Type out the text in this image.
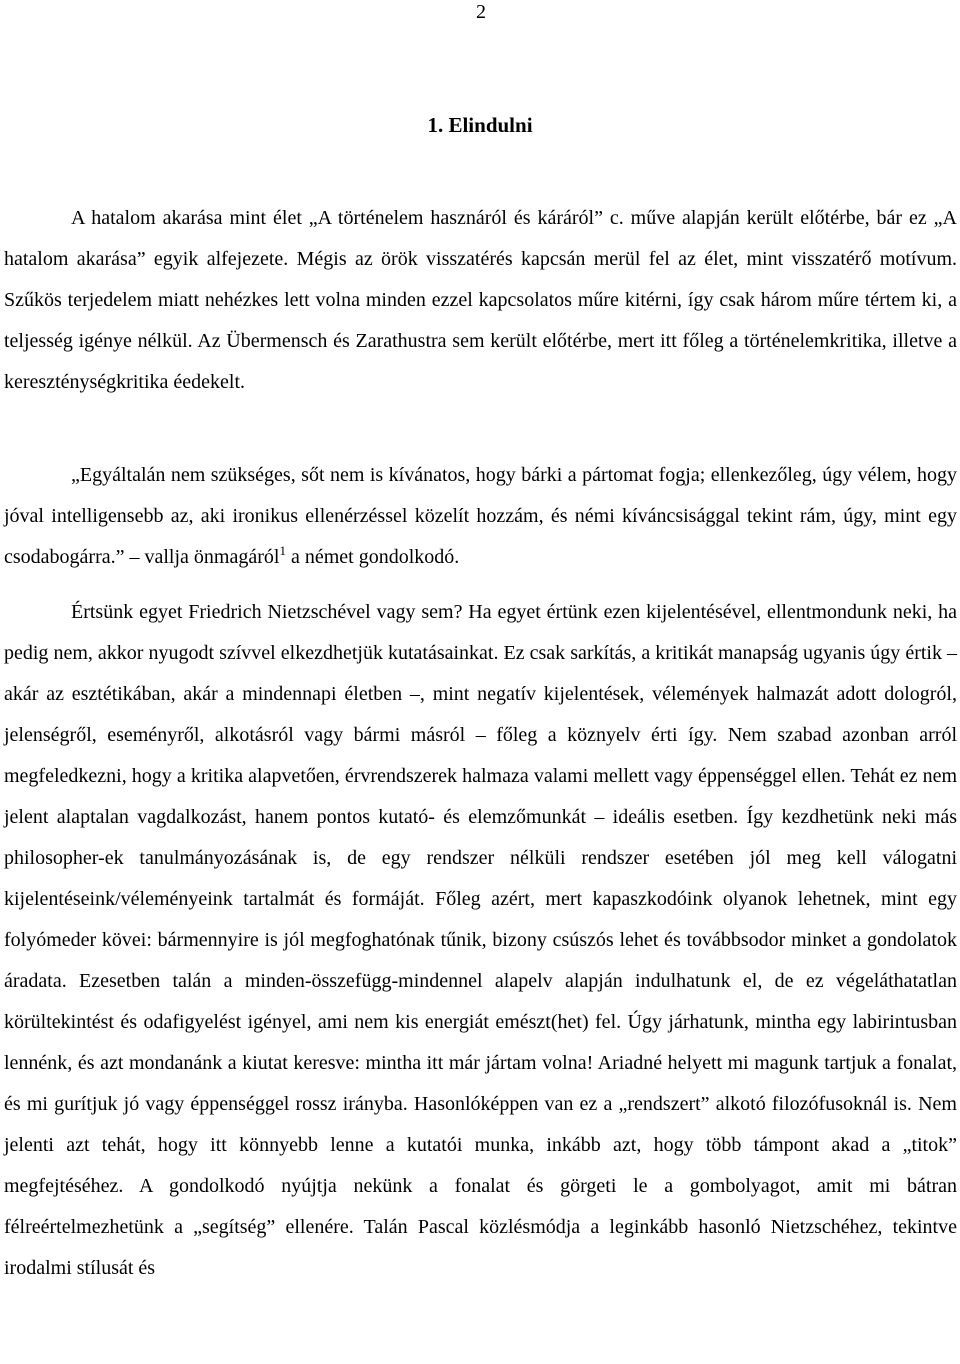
2
1. Elindulni

A hatalom akarása mint élet „A történelem hasznáról és káráról” c. műve alapján került előtérbe, bár ez „A hatalom akarása” egyik alfejezete. Mégis az örök visszatérés kapcsán merül fel az élet, mint visszatérő motívum. Szűkös terjedelem miatt nehézkes lett volna minden ezzel kapcsolatos műre kitérni, így csak három műre tértem ki, a teljesség igénye nélkül. Az Übermensch és Zarathustra sem került előtérbe, mert itt főleg a történelemkritika, illetve a kereszténységkritika éedekelt.

„Egyáltalán nem szükséges, sőt nem is kívánatos, hogy bárki a pártomat fogja; ellenkezőleg, úgy vélem, hogy jóval intelligensebb az, aki ironikus ellenérzéssel közelít hozzám, és némi kíváncsisággal tekint rám, úgy, mint egy csodabogárra.” – vallja önmagáról$^1$ a német gondolkodó.

Értsünk egyet Friedrich Nietzschével vagy sem? Ha egyet értünk ezen kijelentésével, ellentmondunk neki, ha pedig nem, akkor nyugodt szívvel elkezdhetjük kutatásainkat. Ez csak sarkítás, a kritikát manapság ugyanis úgy értik – akár az esztétikában, akár a mindennapi életben –, mint negatív kijelentések, vélemények halmazát adott dologról, jelenségről, eseményről, alkotásról vagy bármi másról – főleg a köznyelv érti így. Nem szabad azonban arról megfeledkezni, hogy a kritika alapvetően, érvrendszerek halmaza valami mellett vagy éppenséggel ellen. Tehát ez nem jelent alaptalan vagdalkozást, hanem pontos kutató- és elemzőmunkát – ideális esetben. Így kezdhetünk neki más philosopher-ek tanulmányozásának is, de egy rendszer nélküli rendszer esetében jól meg kell válogatni kijelentéseink/véleményeink tartalmát és formáját. Főleg azért, mert kapaszkodóink olyanok lehetnek, mint egy folyómeder kövei: bármennyire is jól megfoghatónak tűnik, bizony csúszós lehet és továbbsodor minket a gondolatok áradata. Ezesetben talán a minden-összefügg-mindennel alapelv alapján indulhatunk el, de ez végeláthatatlan körültekintést és odafigyelést igényel, ami nem kis energiát emészt(het) fel. Úgy járhatunk, mintha egy labirintusban lennénk, és azt mondanánk a kiutat keresve: mintha itt már jártam volna! Ariadné helyett mi magunk tartjuk a fonalat, és mi gurítjuk jó vagy éppenséggel rossz irányba. Hasonlóképpen van ez a „rendszert” alkotó filozófusoknál is. Nem jelenti azt tehát, hogy itt könnyebb lenne a kutatói munka, inkább azt, hogy több támpont akad a „titok” megfejtéséhez. A gondolkodó nyújtja nekünk a fonalat és görgeti le a gombolyagot, amit mi bátran félreértelmezhetünk a „segítség” ellenére. Talán Pascal közlésmódja a leginkább hasonló Nietzschéhez, tekintve irodalmi stílusát és
